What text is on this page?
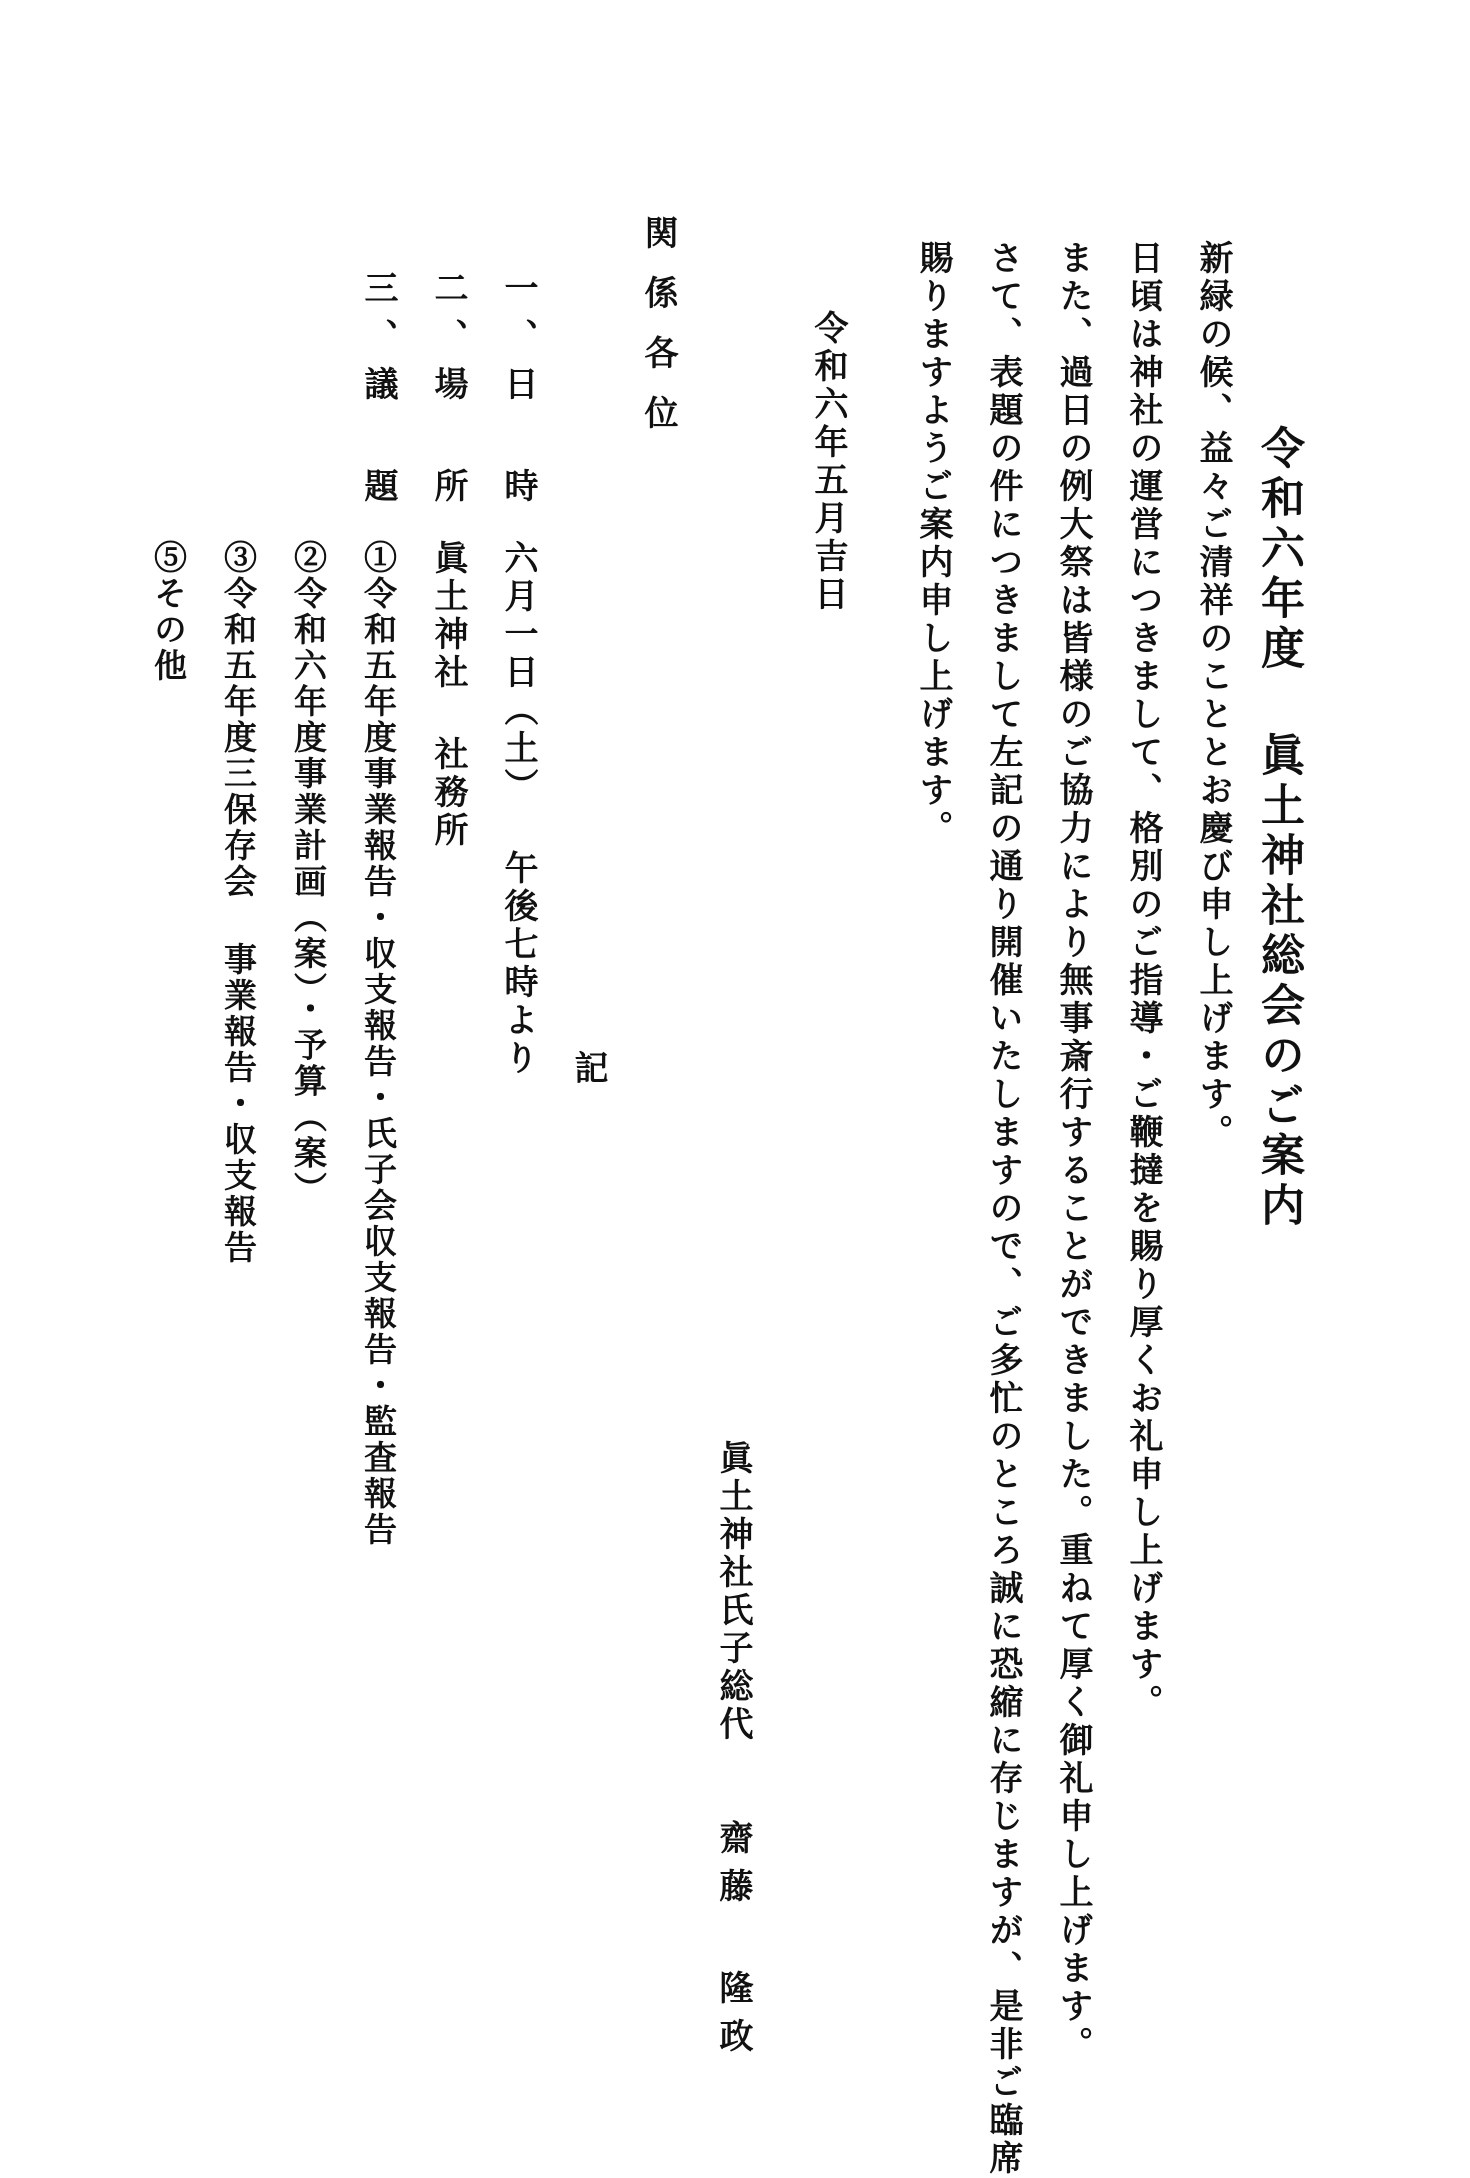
令和六年度 眞土神社総会のご案内
新緑の候、益々ご清祥のこととお慶び申し上げます。
日頃は神社の運営につきまして、格別のご指導・ご鞭撻を賜り厚くお礼申し上げます。
また、過日の例大祭は皆様のご協力により無事斎行することができました。重ねて厚く御礼申し上げます。
さて、表題の件につきまして左記の通り開催いたしますので、ご多忙のところ誠に恐縮に存じますが、是非ご臨席
賜りますようご案内申し上げます。
令和六年五月吉日
眞土神社氏子総代
齋藤 隆政
関係各位
記
一、日 時
六月一日（土） 午後七時より
二、場 所
眞土神社 社務所
三、議 題
①令和五年度事業報告・収支報告・氏子会収支報告・監査報告
②令和六年度事業計画（案）・予算（案）
③令和五年度三保存会 事業報告・収支報告
⑤その他
